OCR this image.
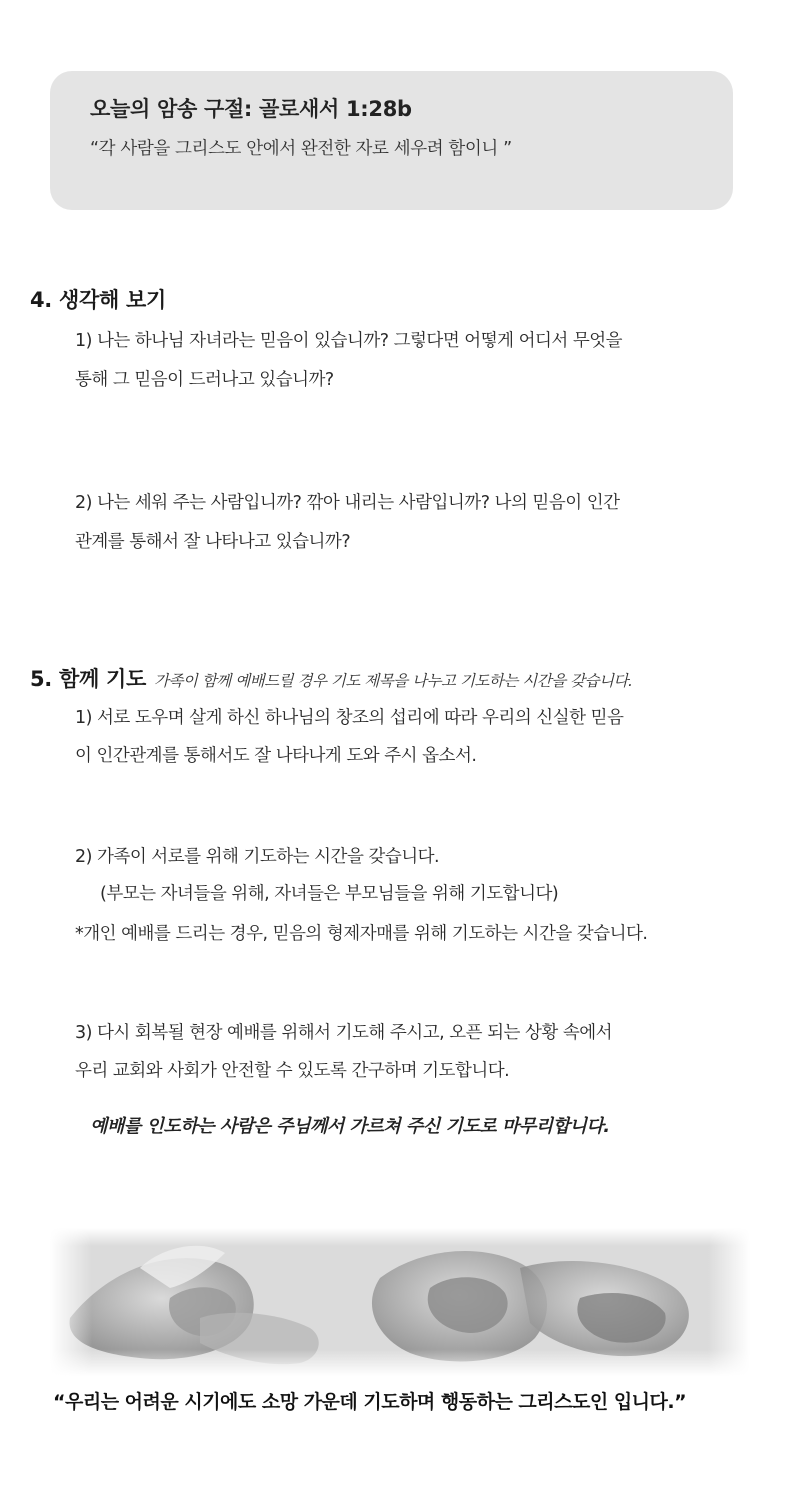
오늘의 암송 구절: 골로새서 1:28b
“각 사람을 그리스도 안에서 완전한 자로 세우려 함이니 ”
4. 생각해 보기
1) 나는 하나님 자녀라는 믿음이 있습니까? 그렇다면 어떻게 어디서 무엇을
통해 그 믿음이 드러나고 있습니까?
2) 나는 세워 주는 사람입니까? 깎아 내리는 사람입니까? 나의 믿음이 인간
관계를 통해서 잘 나타나고 있습니까?
5. 함께 기도 가족이 함께 예배드릴 경우 기도 제목을 나누고 기도하는 시간을 갖습니다.
1) 서로 도우며 살게 하신 하나님의 창조의 섭리에 따라 우리의 신실한 믿음
이 인간관계를 통해서도 잘 나타나게 도와 주시 옵소서.
2) 가족이 서로를 위해 기도하는 시간을 갖습니다.
(부모는 자녀들을 위해, 자녀들은 부모님들을 위해 기도합니다)
*개인 예배를 드리는 경우, 믿음의 형제자매를 위해 기도하는 시간을 갖습니다.
3) 다시 회복될 현장 예배를 위해서 기도해 주시고, 오픈 되는 상황 속에서
우리 교회와 사회가 안전할 수 있도록 간구하며 기도합니다.
예배를 인도하는 사람은 주님께서 가르쳐 주신 기도로 마무리합니다.
“우리는 어려운 시기에도 소망 가운데 기도하며 행동하는 그리스도인 입니다.”
